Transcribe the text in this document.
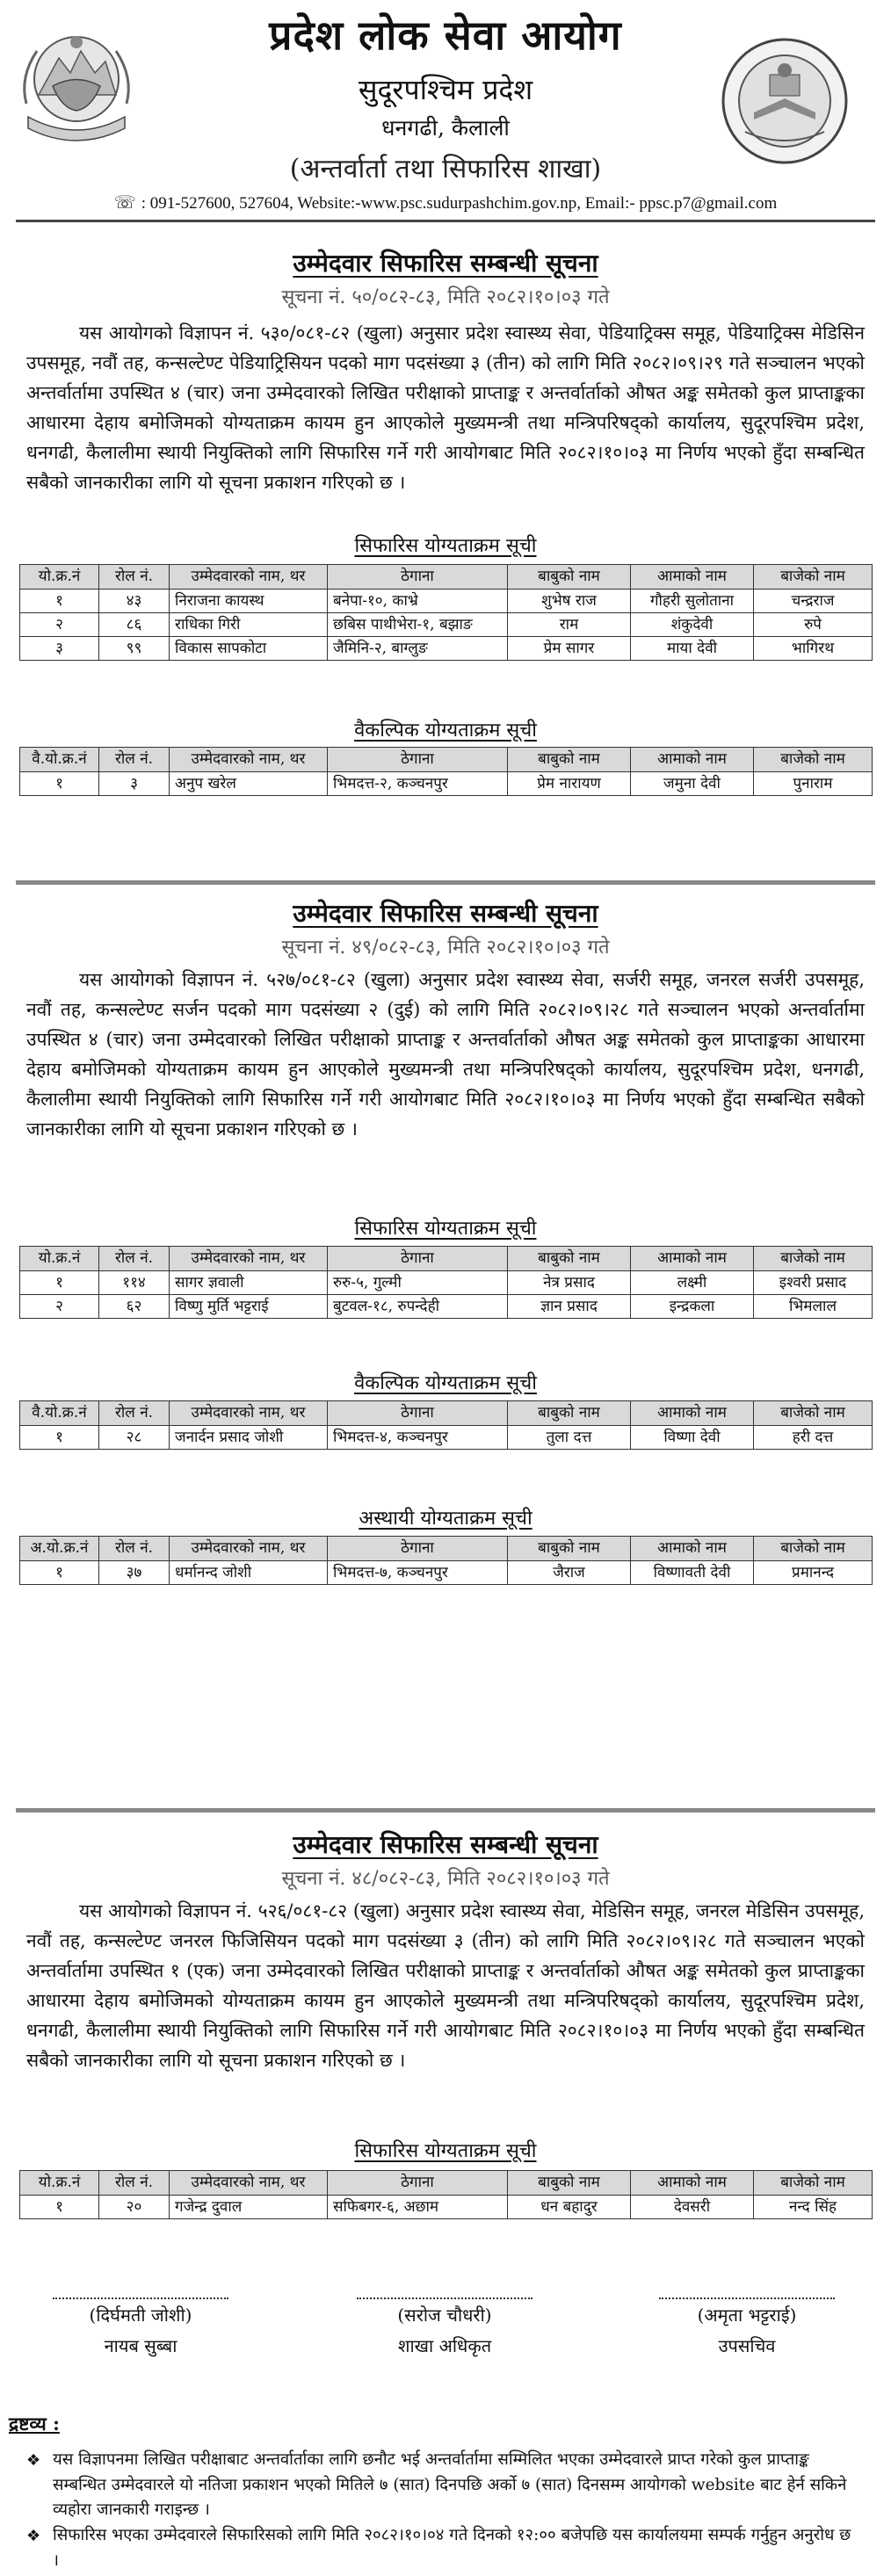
प्रदेश लोक सेवा आयोग
सुदूरपश्चिम प्रदेश
धनगढी, कैलाली
(अन्तर्वार्ता तथा सिफारिस शाखा)
☏ : 091-527600, 527604, Website:-www.psc.sudurpashchim.gov.np, Email:- ppsc.p7@gmail.com
उम्मेदवार सिफारिस सम्बन्धी सूचना
सूचना नं. ५०/०८२-८३, मिति २०८२।१०।०३ गते

यस आयोगको विज्ञापन नं. ५३०/०८१-८२ (खुला) अनुसार प्रदेश स्वास्थ्य सेवा, पेडियाट्रिक्स समूह, पेडियाट्रिक्स मेडिसिन उपसमूह, नवौं तह, कन्सल्टेण्ट पेडियाट्रिसियन पदको माग पदसंख्या ३ (तीन) को लागि मिति २०८२।०९।२९ गते सञ्चालन भएको अन्तर्वार्तामा उपस्थित ४ (चार) जना उम्मेदवारको लिखित परीक्षाको प्राप्ताङ्क र अन्तर्वार्ताको औषत अङ्क समेतको कुल प्राप्ताङ्कका आधारमा देहाय बमोजिमको योग्यताक्रम कायम हुन आएकोले मुख्यमन्त्री तथा मन्त्रिपरिषद्को कार्यालय, सुदूरपश्चिम प्रदेश, धनगढी, कैलालीमा स्थायी नियुक्तिको लागि सिफारिस गर्ने गरी आयोगबाट मिति २०८२।१०।०३ मा निर्णय भएको हुँदा सम्बन्धित सबैको जानकारीका लागि यो सूचना प्रकाशन गरिएको छ ।

सिफारिस योग्यताक्रम सूची
यो.क्र.नं	रोल नं.	उम्मेदवारको नाम, थर	ठेगाना	बाबुको नाम	आमाको नाम	बाजेको नाम
१	४३	निराजना कायस्थ	बनेपा-१०, काभ्रे	शुभेष राज	गौहरी सुलोताना	चन्द्रराज
२	८६	राधिका गिरी	छबिस पाथीभेरा-१, बझाङ	राम	शंकुदेवी	रुपे
३	९९	विकास सापकोटा	जैमिनि-२, बाग्लुङ	प्रेम सागर	माया देवी	भागिरथ
वैकल्पिक योग्यताक्रम सूची
वै.यो.क्र.नं	रोल नं.	उम्मेदवारको नाम, थर	ठेगाना	बाबुको नाम	आमाको नाम	बाजेको नाम
१	३	अनुप खरेल	भिमदत्त-२, कञ्चनपुर	प्रेम नारायण	जमुना देवी	पुनाराम
उम्मेदवार सिफारिस सम्बन्धी सूचना
सूचना नं. ४९/०८२-८३, मिति २०८२।१०।०३ गते

यस आयोगको विज्ञापन नं. ५२७/०८१-८२ (खुला) अनुसार प्रदेश स्वास्थ्य सेवा, सर्जरी समूह, जनरल सर्जरी उपसमूह, नवौं तह, कन्सल्टेण्ट सर्जन पदको माग पदसंख्या २ (दुई) को लागि मिति २०८२।०९।२८ गते सञ्चालन भएको अन्तर्वार्तामा उपस्थित ४ (चार) जना उम्मेदवारको लिखित परीक्षाको प्राप्ताङ्क र अन्तर्वार्ताको औषत अङ्क समेतको कुल प्राप्ताङ्कका आधारमा देहाय बमोजिमको योग्यताक्रम कायम हुन आएकोले मुख्यमन्त्री तथा मन्त्रिपरिषद्को कार्यालय, सुदूरपश्चिम प्रदेश, धनगढी, कैलालीमा स्थायी नियुक्तिको लागि सिफारिस गर्ने गरी आयोगबाट मिति २०८२।१०।०३ मा निर्णय भएको हुँदा सम्बन्धित सबैको जानकारीका लागि यो सूचना प्रकाशन गरिएको छ ।

सिफारिस योग्यताक्रम सूची
यो.क्र.नं	रोल नं.	उम्मेदवारको नाम, थर	ठेगाना	बाबुको नाम	आमाको नाम	बाजेको नाम
१	११४	सागर ज्ञवाली	रुरु-५, गुल्मी	नेत्र प्रसाद	लक्ष्मी	इश्वरी प्रसाद
२	६२	विष्णु मुर्ति भट्टराई	बुटवल-१८, रुपन्देही	ज्ञान प्रसाद	इन्द्रकला	भिमलाल
वैकल्पिक योग्यताक्रम सूची
वै.यो.क्र.नं	रोल नं.	उम्मेदवारको नाम, थर	ठेगाना	बाबुको नाम	आमाको नाम	बाजेको नाम
१	२८	जनार्दन प्रसाद जोशी	भिमदत्त-४, कञ्चनपुर	तुला दत्त	विष्णा देवी	हरी दत्त
अस्थायी योग्यताक्रम सूची
अ.यो.क्र.नं	रोल नं.	उम्मेदवारको नाम, थर	ठेगाना	बाबुको नाम	आमाको नाम	बाजेको नाम
१	३७	धर्मानन्द जोशी	भिमदत्त-७, कञ्चनपुर	जैराज	विष्णावती देवी	प्रमानन्द
उम्मेदवार सिफारिस सम्बन्धी सूचना
सूचना नं. ४८/०८२-८३, मिति २०८२।१०।०३ गते

यस आयोगको विज्ञापन नं. ५२६/०८१-८२ (खुला) अनुसार प्रदेश स्वास्थ्य सेवा, मेडिसिन समूह, जनरल मेडिसिन उपसमूह, नवौं तह, कन्सल्टेण्ट जनरल फिजिसियन पदको माग पदसंख्या ३ (तीन) को लागि मिति २०८२।०९।२८ गते सञ्चालन भएको अन्तर्वार्तामा उपस्थित १ (एक) जना उम्मेदवारको लिखित परीक्षाको प्राप्ताङ्क र अन्तर्वार्ताको औषत अङ्क समेतको कुल प्राप्ताङ्कका आधारमा देहाय बमोजिमको योग्यताक्रम कायम हुन आएकोले मुख्यमन्त्री तथा मन्त्रिपरिषद्को कार्यालय, सुदूरपश्चिम प्रदेश, धनगढी, कैलालीमा स्थायी नियुक्तिको लागि सिफारिस गर्ने गरी आयोगबाट मिति २०८२।१०।०३ मा निर्णय भएको हुँदा सम्बन्धित सबैको जानकारीका लागि यो सूचना प्रकाशन गरिएको छ ।

सिफारिस योग्यताक्रम सूची
यो.क्र.नं	रोल नं.	उम्मेदवारको नाम, थर	ठेगाना	बाबुको नाम	आमाको नाम	बाजेको नाम
१	२०	गजेन्द्र दुवाल	सफिबगर-६, अछाम	धन बहादुर	देवसरी	नन्द सिंह
(दिर्घमती जोशी)
नायब सुब्बा
(सरोज चौधरी)
शाखा अधिकृत
(अमृता भट्टराई)
उपसचिव
द्रष्टव्य :
❖ यस विज्ञापनमा लिखित परीक्षाबाट अन्तर्वार्ताका लागि छनौट भई अन्तर्वार्तामा सम्मिलित भएका उम्मेदवारले प्राप्त गरेको कुल प्राप्ताङ्क सम्बन्धित उम्मेदवारले यो नतिजा प्रकाशन भएको मितिले ७ (सात) दिनपछि अर्को ७ (सात) दिनसम्म आयोगको website बाट हेर्न सकिने व्यहोरा जानकारी गराइन्छ ।

❖ सिफारिस भएका उम्मेदवारले सिफारिसको लागि मिति २०८२।१०।०४ गते दिनको १२:०० बजेपछि यस कार्यालयमा सम्पर्क गर्नुहुन अनुरोध छ ।
